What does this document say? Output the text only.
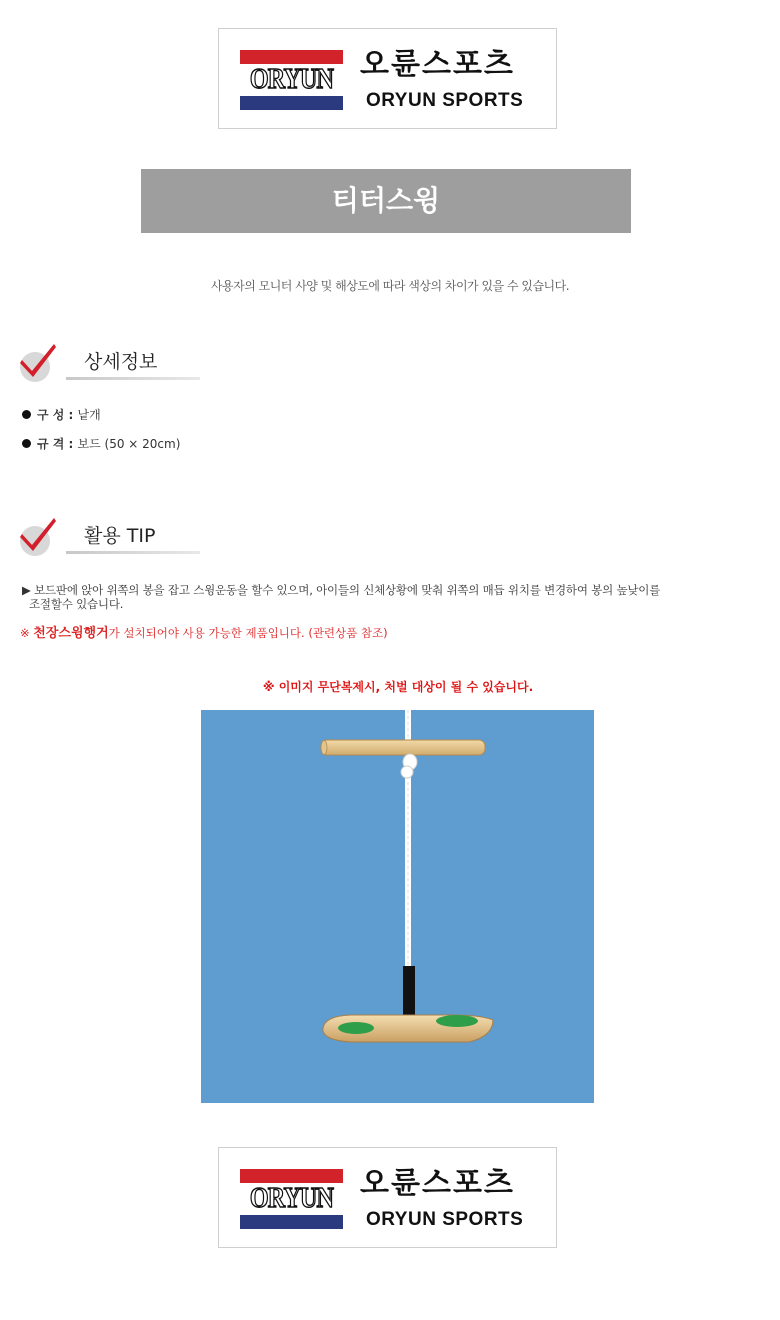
ORYUN 오륜스포츠
ORYUN SPORTS
티터스윙
사용자의 모니터 사양 및 해상도에 따라 색상의 차이가 있을 수 있습니다.
상세정보
구 성 : 낱개
규 격 : 보드 (50 × 20cm)
활용 TIP
▶ 보드판에 앉아 위쪽의 봉을 잡고 스윙운동을 할수 있으며, 아이들의 신체상황에 맞춰 위쪽의 매듭 위치를 변경하여 봉의 높낮이를
조절할수 있습니다.
※ 천장스윙행거가 설치되어야 사용 가능한 제품입니다. (관련상품 참조)
※ 이미지 무단복제시, 처벌 대상이 될 수 있습니다.
ORYUN 오륜스포츠
ORYUN SPORTS
